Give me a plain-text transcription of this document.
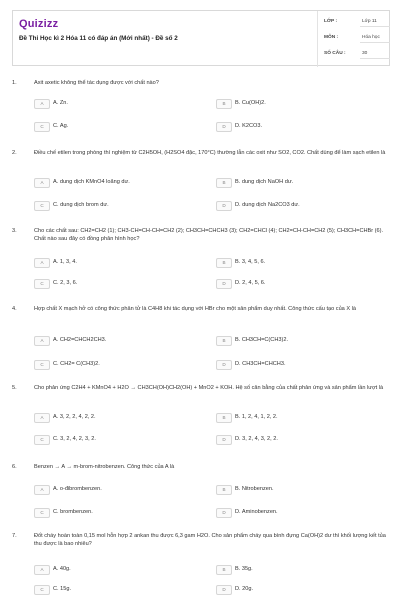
Quizizz
Đề Thi Học kì 2 Hóa 11 có đáp án (Mới nhất) - Đề số 2
LỚP :	Lớp 11
MÔN :	Hóa học
SỐ CÂU :	30
1.	Axit axetic không thể tác dụng được với chất nào?
A	A. Zn.	B	B. Cu(OH)2.
C	C. Ag.	D	D. K2CO3.
2.	Điều chế etilen trong phòng thí nghiệm từ C2H5OH, (H2SO4 đặc, 170°C) thường lẫn các oxit như SO2, CO2. Chất dùng để làm sạch etilen là
A	A. dung dịch KMnO4 loãng dư.	B	B. dung dịch NaOH dư.
C	C. dung dịch brom dư.	D	D. dung dịch Na2CO3 dư.
3.	Cho các chất sau: CH2=CH2 (1); CH3-CH=CH-CH=CH2 (2); CH3CH=CHCH3 (3); CH2=CHCl (4); CH2=CH-CH=CH2 (5); CH3CH=CHBr (6). Chất nào sau đây có đồng phân hình học?
A	A. 1, 3, 4.	B	B. 3, 4, 5, 6.
C	C. 2, 3, 6.	D	D. 2, 4, 5, 6.
4.	Hợp chất X mạch hở có công thức phân tử là C4H8 khi tác dụng với HBr cho một sản phẩm duy nhất. Công thức cấu tạo của X là
A	A. CH2=CHCH2CH3.	B	B. CH3CH=C(CH3)2.
C	C. CH2= C(CH3)2.	D	D. CH3CH=CHCH3.
5.	Cho phản ứng C2H4 + KMnO4 + H2O → CH3CH(OH)CH2(OH) + MnO2 + KOH. Hệ số cân bằng của chất phản ứng và sản phẩm lần lượt là
A	A. 3, 2, 2, 4, 2, 2.	B	B. 1, 2, 4, 1, 2, 2.
C	C. 3, 2, 4, 2, 3, 2.	D	D. 3, 2, 4, 3, 2, 2.
6.	Benzen → A → m-brom-nitrobenzen. Công thức của A là
A	A. o-đibrombenzen.	B	B. Nitrobenzen.
C	C. brombenzen.	D	D. Aminobenzen.
7.	Đốt cháy hoàn toàn 0,15 mol hỗn hợp 2 ankan thu được 6,3 gam H2O. Cho sản phẩm cháy qua bình đựng Ca(OH)2 dư thì khối lượng kết tủa thu được là bao nhiêu?
A	A. 40g.	B	B. 35g.
C	C. 15g.	D	D. 20g.
